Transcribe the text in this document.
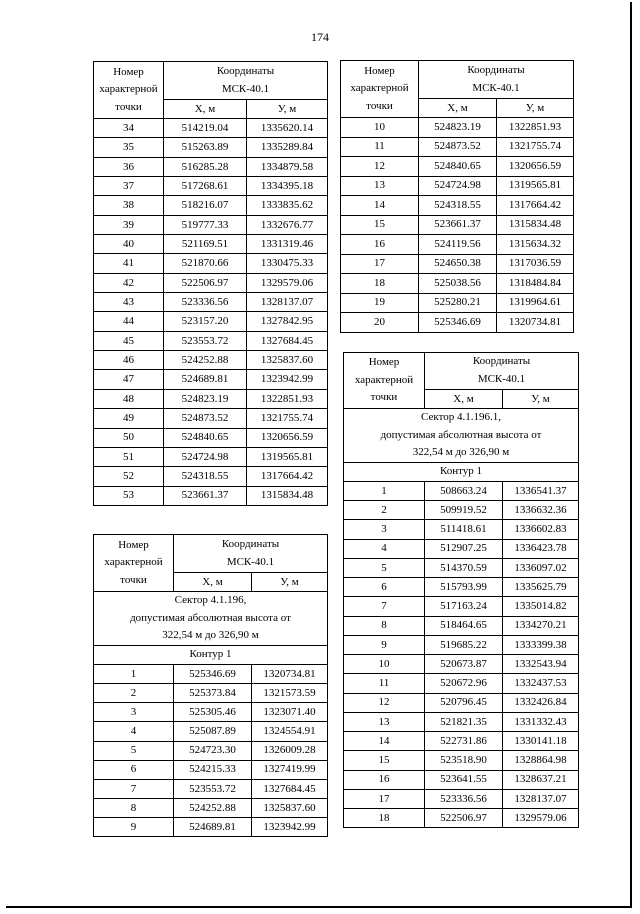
174
Номер
характерной
точки	Координаты
МСК-40.1	
	X, м	У, м
34	514219.04	1335620.14
35	515263.89	1335289.84
36	516285.28	1334879.58
37	517268.61	1334395.18
38	518216.07	1333835.62
39	519777.33	1332676.77
40	521169.51	1331319.46
41	521870.66	1330475.33
42	522506.97	1329579.06
43	523336.56	1328137.07
44	523157.20	1327842.95
45	523553.72	1327684.45
46	524252.88	1325837.60
47	524689.81	1323942.99
48	524823.19	1322851.93
49	524873.52	1321755.74
50	524840.65	1320656.59
51	524724.98	1319565.81
52	524318.55	1317664.42
53	523661.37	1315834.48
Номер
характерной
точки	Координаты
МСК-40.1	
	X, м	У, м
10	524823.19	1322851.93
11	524873.52	1321755.74
12	524840.65	1320656.59
13	524724.98	1319565.81
14	524318.55	1317664.42
15	523661.37	1315834.48
16	524119.56	1315634.32
17	524650.38	1317036.59
18	525038.56	1318484.84
19	525280.21	1319964.61
20	525346.69	1320734.81
Номер
характерной
точки	Координаты
МСК-40.1	
	X, м	У, м
Сектор 4.1.196,
допустимая абсолютная высота от
322,54 м до 326,90 м		
Контур 1		
1	525346.69	1320734.81
2	525373.84	1321573.59
3	525305.46	1323071.40
4	525087.89	1324554.91
5	524723.30	1326009.28
6	524215.33	1327419.99
7	523553.72	1327684.45
8	524252.88	1325837.60
9	524689.81	1323942.99
Номер
характерной
точки	Координаты
МСК-40.1	
	X, м	У, м
Сектор 4.1.196.1,
допустимая абсолютная высота от
322,54 м до 326,90 м		
Контур 1		
1	508663.24	1336541.37
2	509919.52	1336632.36
3	511418.61	1336602.83
4	512907.25	1336423.78
5	514370.59	1336097.02
6	515793.99	1335625.79
7	517163.24	1335014.82
8	518464.65	1334270.21
9	519685.22	1333399.38
10	520673.87	1332543.94
11	520672.96	1332437.53
12	520796.45	1332426.84
13	521821.35	1331332.43
14	522731.86	1330141.18
15	523518.90	1328864.98
16	523641.55	1328637.21
17	523336.56	1328137.07
18	522506.97	1329579.06
